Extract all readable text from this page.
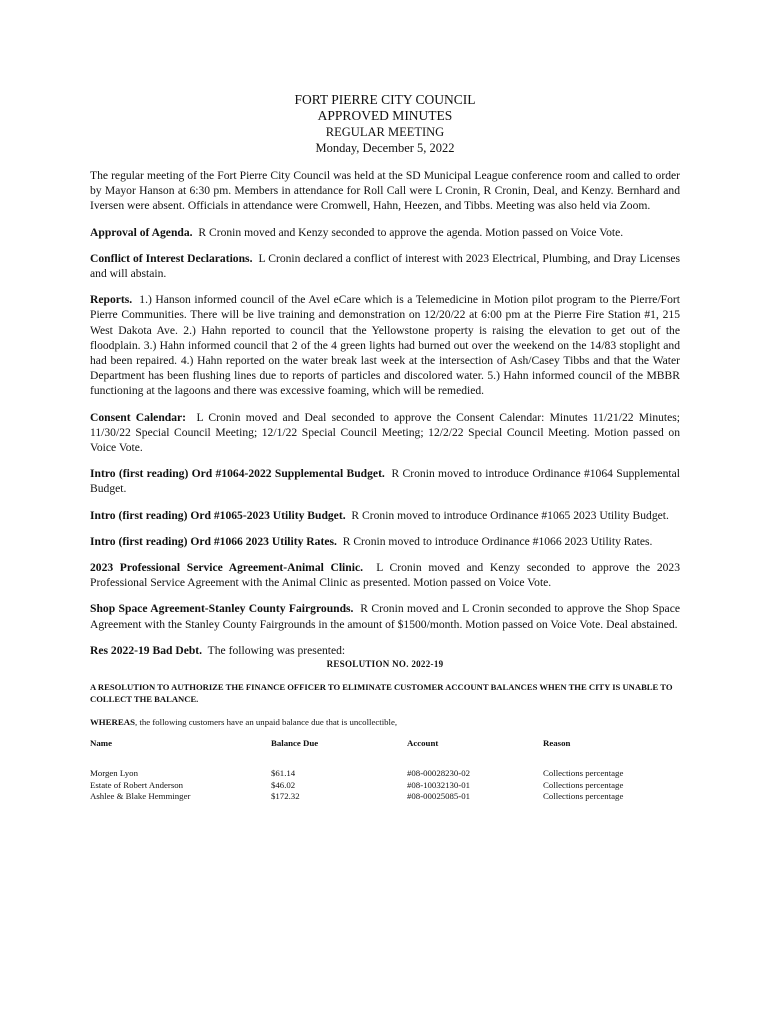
FORT PIERRE CITY COUNCIL
APPROVED MINUTES
REGULAR MEETING
Monday, December 5, 2022

The regular meeting of the Fort Pierre City Council was held at the SD Municipal League conference room and called to order by Mayor Hanson at 6:30 pm. Members in attendance for Roll Call were L Cronin, R Cronin, Deal, and Kenzy. Bernhard and Iversen were absent. Officials in attendance were Cromwell, Hahn, Heezen, and Tibbs. Meeting was also held via Zoom.

Approval of Agenda. R Cronin moved and Kenzy seconded to approve the agenda. Motion passed on Voice Vote.

Conflict of Interest Declarations. L Cronin declared a conflict of interest with 2023 Electrical, Plumbing, and Dray Licenses and will abstain.

Reports. 1.) Hanson informed council of the Avel eCare which is a Telemedicine in Motion pilot program to the Pierre/Fort Pierre Communities. There will be live training and demonstration on 12/20/22 at 6:00 pm at the Pierre Fire Station #1, 215 West Dakota Ave. 2.) Hahn reported to council that the Yellowstone property is raising the elevation to get out of the floodplain. 3.) Hahn informed council that 2 of the 4 green lights had burned out over the weekend on the 14/83 stoplight and had been repaired. 4.) Hahn reported on the water break last week at the intersection of Ash/Casey Tibbs and that the Water Department has been flushing lines due to reports of particles and discolored water. 5.) Hahn informed council of the MBBR functioning at the lagoons and there was excessive foaming, which will be remedied.

Consent Calendar: L Cronin moved and Deal seconded to approve the Consent Calendar: Minutes 11/21/22 Minutes; 11/30/22 Special Council Meeting; 12/1/22 Special Council Meeting; 12/2/22 Special Council Meeting. Motion passed on Voice Vote.

Intro (first reading) Ord #1064-2022 Supplemental Budget. R Cronin moved to introduce Ordinance #1064 Supplemental Budget.

Intro (first reading) Ord #1065-2023 Utility Budget. R Cronin moved to introduce Ordinance #1065 2023 Utility Budget.

Intro (first reading) Ord #1066 2023 Utility Rates. R Cronin moved to introduce Ordinance #1066 2023 Utility Rates.

2023 Professional Service Agreement-Animal Clinic. L Cronin moved and Kenzy seconded to approve the 2023 Professional Service Agreement with the Animal Clinic as presented. Motion passed on Voice Vote.

Shop Space Agreement-Stanley County Fairgrounds. R Cronin moved and L Cronin seconded to approve the Shop Space Agreement with the Stanley County Fairgrounds in the amount of $1500/month. Motion passed on Voice Vote. Deal abstained.

Res 2022-19 Bad Debt. The following was presented:

RESOLUTION NO. 2022-19
A RESOLUTION TO AUTHORIZE THE FINANCE OFFICER TO ELIMINATE CUSTOMER ACCOUNT BALANCES WHEN THE CITY IS UNABLE TO COLLECT THE BALANCE.
WHEREAS, the following customers have an unpaid balance due that is uncollectible,
Name	Balance Due	Account	Reason

Morgen Lyon	$61.14	#08-00028230-02	Collections percentage
Estate of Robert Anderson	$46.02	#08-10032130-01	Collections percentage
Ashlee & Blake Hemminger	$172.32	#08-00025085-01	Collections percentage
